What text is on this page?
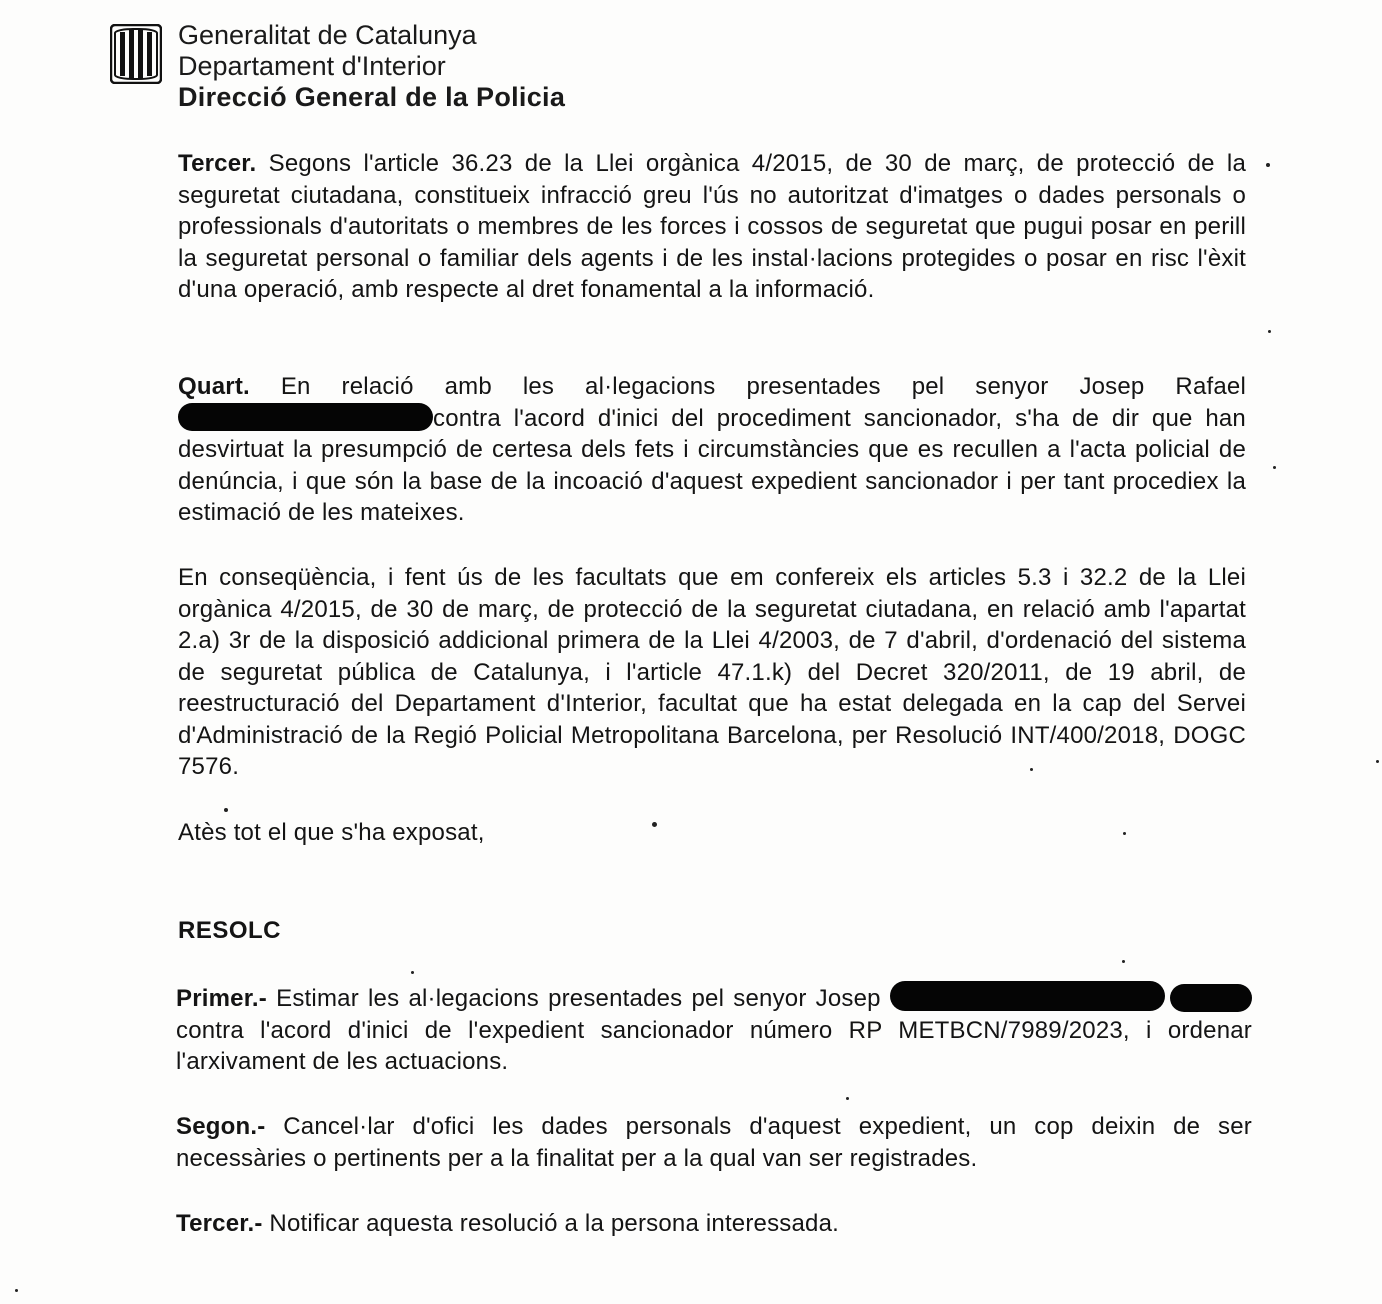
Generalitat de Catalunya
Departament d'Interior
Direcció General de la Policia

Tercer. Segons l'article 36.23 de la Llei orgànica 4/2015, de 30 de març, de protecció de la seguretat ciutadana, constitueix infracció greu l'ús no autoritzat d'imatges o dades personals o professionals d'autoritats o membres de les forces i cossos de seguretat que pugui posar en perill la seguretat personal o familiar dels agents i de les instal·lacions protegides o posar en risc l'èxit d'una operació, amb respecte al dret fonamental a la informació.

Quart. En relació amb les al·legacions presentades pel senyor Josep Rafael contra l'acord d'inici del procediment sancionador, s'ha de dir que han desvirtuat la presumpció de certesa dels fets i circumstàncies que es recullen a l'acta policial de denúncia, i que són la base de la incoació d'aquest expedient sancionador i per tant procediex la estimació de les mateixes.

En conseqüència, i fent ús de les facultats que em confereix els articles 5.3 i 32.2 de la Llei orgànica 4/2015, de 30 de març, de protecció de la seguretat ciutadana, en relació amb l'apartat 2.a) 3r de la disposició addicional primera de la Llei 4/2003, de 7 d'abril, d'ordenació del sistema de seguretat pública de Catalunya, i l'article 47.1.k) del Decret 320/2011, de 19 abril, de reestructuració del Departament d'Interior, facultat que ha estat delegada en la cap del Servei d'Administració de la Regió Policial Metropolitana Barcelona, per Resolució INT/400/2018, DOGC 7576.

Atès tot el que s'ha exposat,

RESOLC

Primer.- Estimar les al·legacions presentades pel senyor Josep  contra l'acord d'inici de l'expedient sancionador número RP METBCN/7989/2023, i ordenar l'arxivament de les actuacions.

Segon.- Cancel·lar d'ofici les dades personals d'aquest expedient, un cop deixin de ser necessàries o pertinents per a la finalitat per a la qual van ser registrades.

Tercer.- Notificar aquesta resolució a la persona interessada.
